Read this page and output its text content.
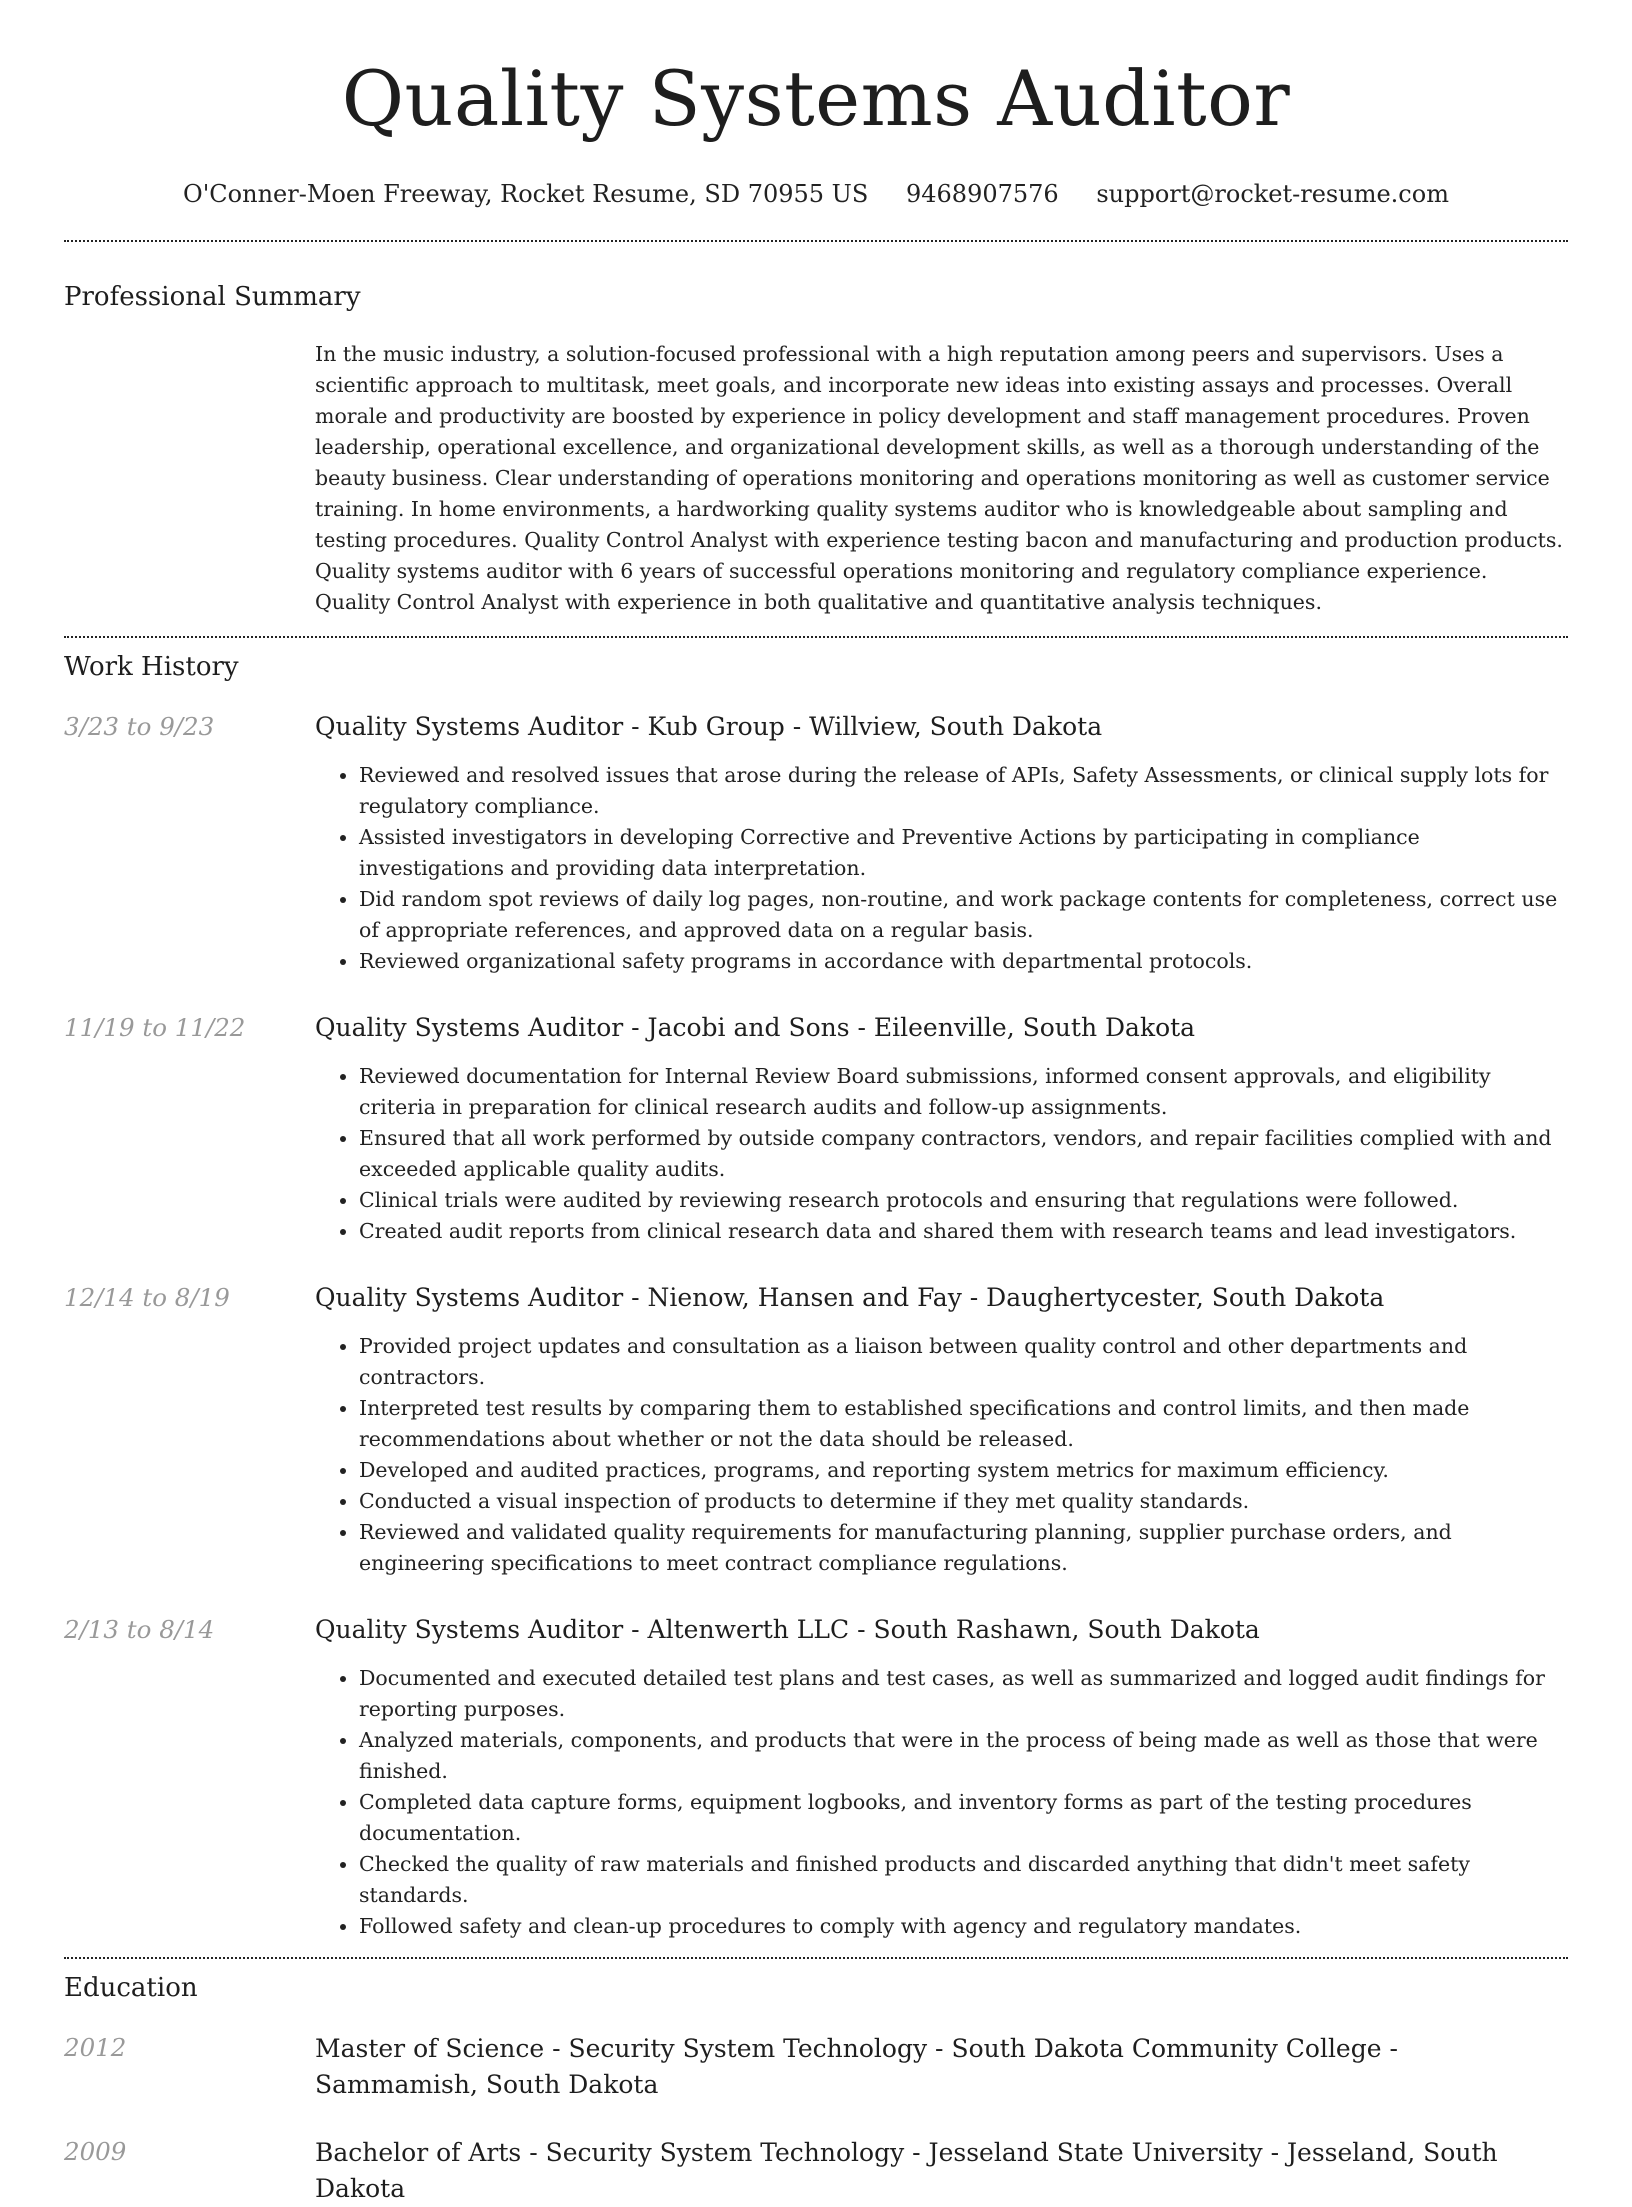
Quality Systems Auditor
O'Conner-Moen Freeway, Rocket Resume, SD 70955 US 9468907576 support@rocket-resume.com
Professional Summary
In the music industry, a solution-focused professional with a high reputation among peers and supervisors. Uses a scientific approach to multitask, meet goals, and incorporate new ideas into existing assays and processes. Overall morale and productivity are boosted by experience in policy development and staff management procedures. Proven leadership, operational excellence, and organizational development skills, as well as a thorough understanding of the beauty business. Clear understanding of operations monitoring and operations monitoring as well as customer service training. In home environments, a hardworking quality systems auditor who is knowledgeable about sampling and testing procedures. Quality Control Analyst with experience testing bacon and manufacturing and production products. Quality systems auditor with 6 years of successful operations monitoring and regulatory compliance experience. Quality Control Analyst with experience in both qualitative and quantitative analysis techniques.
Work History
3/23 to 9/23	Quality Systems Auditor - Kub Group - Willview, South Dakota
• Reviewed and resolved issues that arose during the release of APIs, Safety Assessments, or clinical supply lots for regulatory compliance.
• Assisted investigators in developing Corrective and Preventive Actions by participating in compliance investigations and providing data interpretation.
• Did random spot reviews of daily log pages, non-routine, and work package contents for completeness, correct use of appropriate references, and approved data on a regular basis.
• Reviewed organizational safety programs in accordance with departmental protocols.
11/19 to 11/22	Quality Systems Auditor - Jacobi and Sons - Eileenville, South Dakota
• Reviewed documentation for Internal Review Board submissions, informed consent approvals, and eligibility criteria in preparation for clinical research audits and follow-up assignments.
• Ensured that all work performed by outside company contractors, vendors, and repair facilities complied with and exceeded applicable quality audits.
• Clinical trials were audited by reviewing research protocols and ensuring that regulations were followed.
• Created audit reports from clinical research data and shared them with research teams and lead investigators.
12/14 to 8/19	Quality Systems Auditor - Nienow, Hansen and Fay - Daughertycester, South Dakota
• Provided project updates and consultation as a liaison between quality control and other departments and contractors.
• Interpreted test results by comparing them to established specifications and control limits, and then made recommendations about whether or not the data should be released.
• Developed and audited practices, programs, and reporting system metrics for maximum efficiency.
• Conducted a visual inspection of products to determine if they met quality standards.
• Reviewed and validated quality requirements for manufacturing planning, supplier purchase orders, and engineering specifications to meet contract compliance regulations.
2/13 to 8/14	Quality Systems Auditor - Altenwerth LLC - South Rashawn, South Dakota
• Documented and executed detailed test plans and test cases, as well as summarized and logged audit findings for reporting purposes.
• Analyzed materials, components, and products that were in the process of being made as well as those that were finished.
• Completed data capture forms, equipment logbooks, and inventory forms as part of the testing procedures documentation.
• Checked the quality of raw materials and finished products and discarded anything that didn't meet safety standards.
• Followed safety and clean-up procedures to comply with agency and regulatory mandates.
Education
2012	Master of Science - Security System Technology - South Dakota Community College - Sammamish, South Dakota
2009	Bachelor of Arts - Security System Technology - Jesseland State University - Jesseland, South Dakota
